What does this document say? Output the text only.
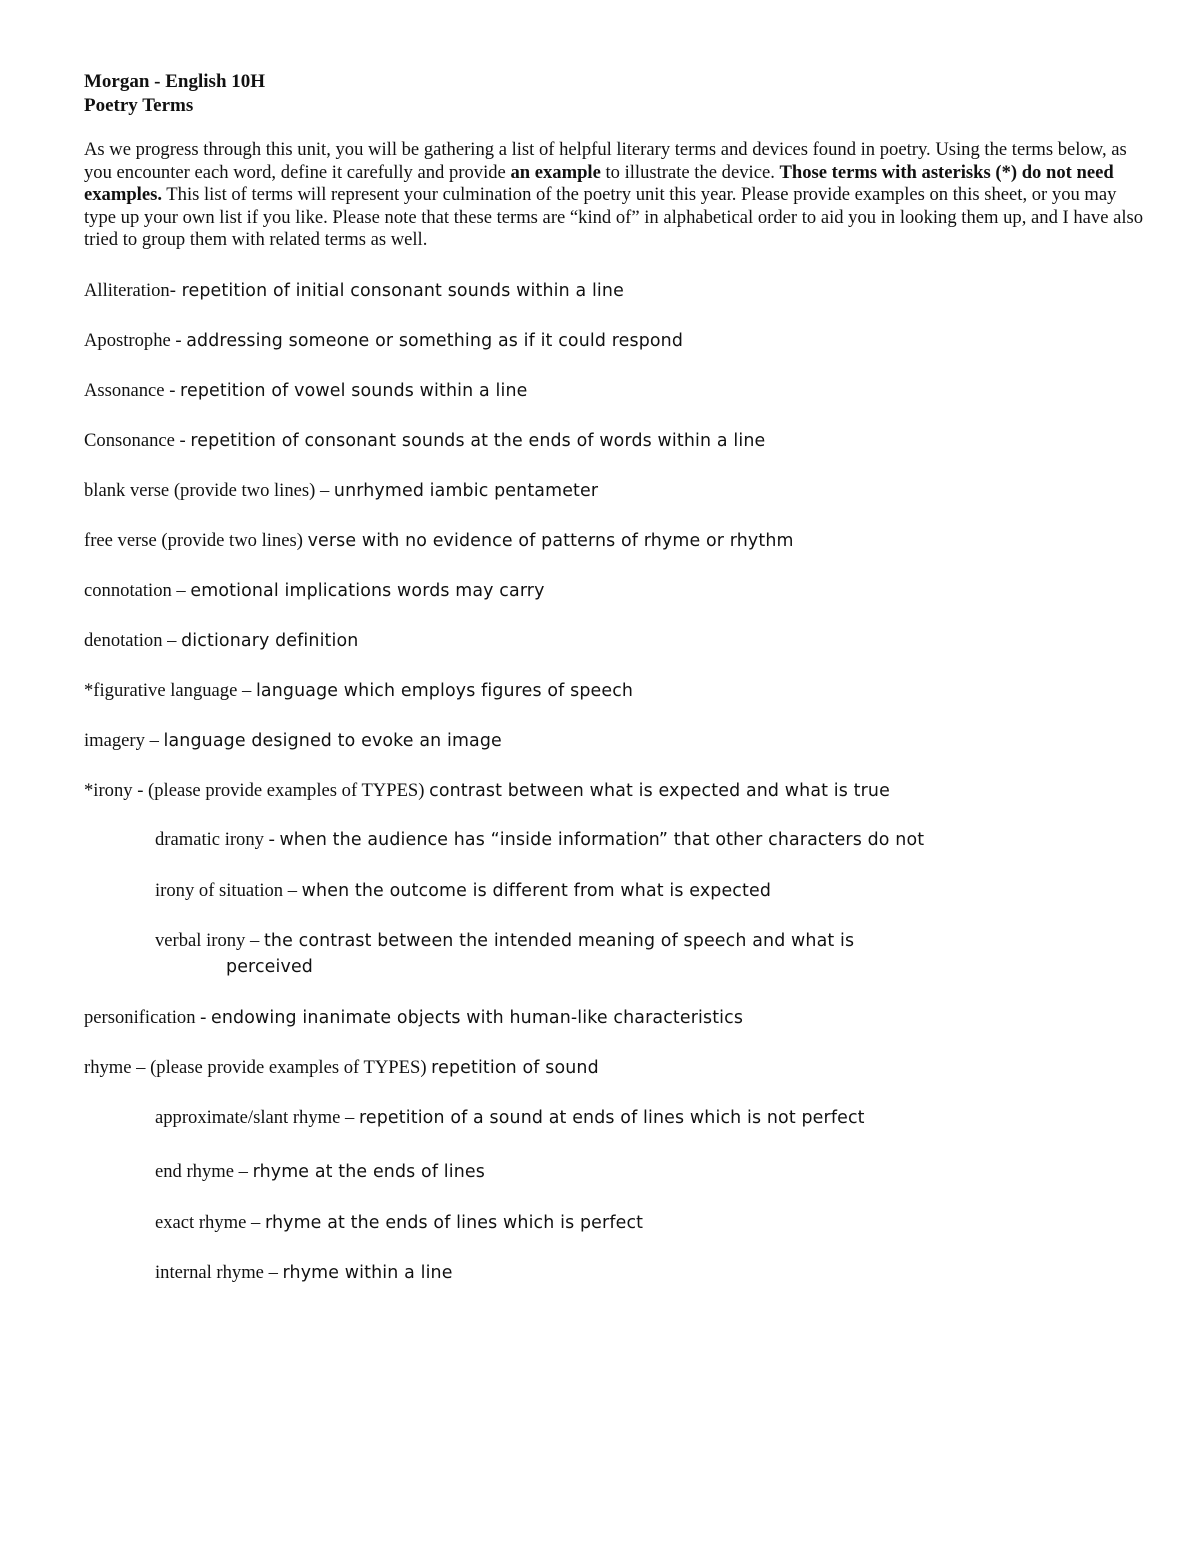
Morgan - English 10H
Poetry Terms
As we progress through this unit, you will be gathering a list of helpful literary terms and devices found in poetry. Using the terms below, as you encounter each word, define it carefully and provide an example to illustrate the device. Those terms with asterisks (*) do not need examples. This list of terms will represent your culmination of the poetry unit this year. Please provide examples on this sheet, or you may type up your own list if you like. Please note that these terms are “kind of” in alphabetical order to aid you in looking them up, and I have also tried to group them with related terms as well.
Alliteration- repetition of initial consonant sounds within a line
Apostrophe - addressing someone or something as if it could respond
Assonance - repetition of vowel sounds within a line
Consonance - repetition of consonant sounds at the ends of words within a line
blank verse (provide two lines) – unrhymed iambic pentameter
free verse (provide two lines) verse with no evidence of patterns of rhyme or rhythm
connotation – emotional implications words may carry
denotation – dictionary definition
*figurative language – language which employs figures of speech
imagery – language designed to evoke an image
*irony - (please provide examples of TYPES) contrast between what is expected and what is true
dramatic irony - when the audience has “inside information” that other characters do not
irony of situation – when the outcome is different from what is expected
verbal irony – the contrast between the intended meaning of speech and what is
perceived
personification - endowing inanimate objects with human-like characteristics
rhyme – (please provide examples of TYPES) repetition of sound
approximate/slant rhyme – repetition of a sound at ends of lines which is not perfect
end rhyme – rhyme at the ends of lines
exact rhyme – rhyme at the ends of lines which is perfect
internal rhyme – rhyme within a line
